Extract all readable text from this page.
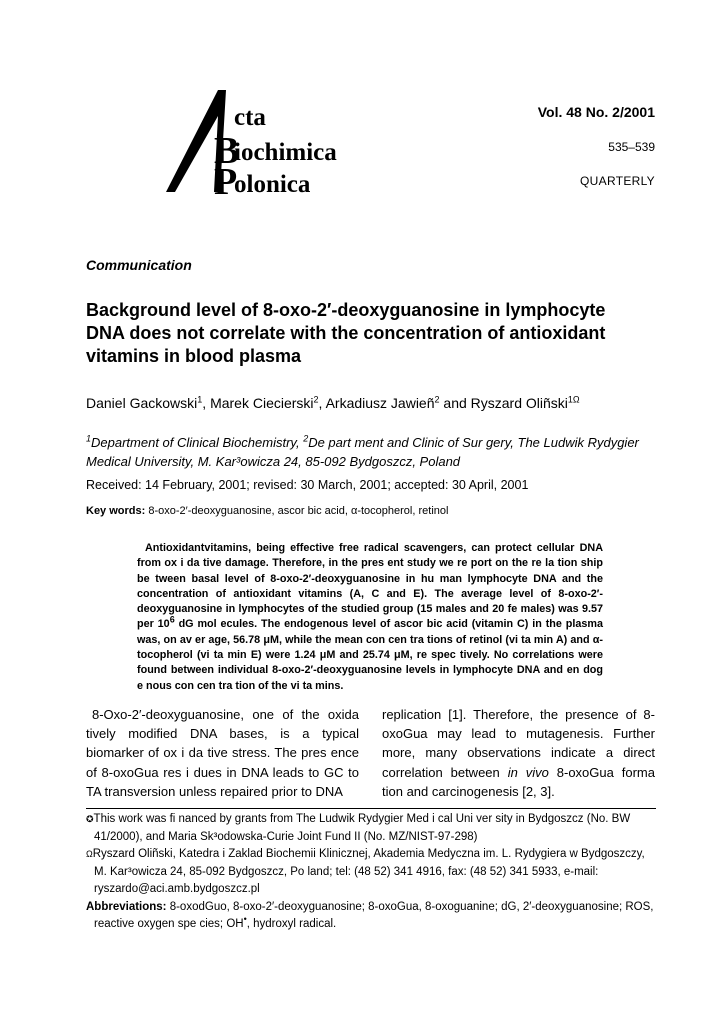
B
P
cta
iochimica
olonica
Vol. 48 No. 2/2001
535–539
QUARTERLY
Communication
Background level of 8-oxo-2′-deoxyguanosine in lymphocyte DNA does not correlate with the concentration of antioxidant vitamins in blood plasma
Daniel Gackowski$^1$, Marek Ciecierski$^2$, Arkadiusz Jawieñ$^2$ and Ryszard Oliñski$^{1\Omega}$
$^1$Department of Clinical Biochemistry, $^2$De part ment and Clinic of Sur gery, The Ludwik Rydygier Medical University, M. Kar³owicza 24, 85-092 Bydgoszcz, Poland
Received: 14 February, 2001; revised: 30 March, 2001; accepted: 30 April, 2001
Key words: 8-oxo-2′-deoxyguanosine, ascor bic acid, α-tocopherol, retinol
Antioxidantvitamins, being effective free radical scavengers, can protect cellular DNA from ox i da tive damage. Therefore, in the pres ent study we re port on the re la tion ship be tween basal level of 8-oxo-2′-deoxyguanosine in hu man lymphocyte DNA and the concentration of antioxidant vitamins (A, C and E). The average level of 8-oxo-2′-deoxyguanosine in lymphocytes of the studied group (15 males and 20 fe males) was 9.57 per $10^6$ dG mol ecules. The endogenous level of ascor bic acid (vitamin C) in the plasma was, on av er age, 56.78 μM, while the mean con cen tra tions of retinol (vi ta min A) and α-tocopherol (vi ta min E) were 1.24 μM and 25.74 μM, re spec tively. No correlations were found between individual 8-oxo-2′-deoxyguanosine levels in lymphocyte DNA and en dog e nous con cen tra tion of the vi ta mins.
8-Oxo-2′-deoxyguanosine, one of the oxida tively modified DNA bases, is a typical biomarker of ox i da tive stress. The pres ence of 8-oxoGua res i dues in DNA leads to GC to TA transversion unless repaired prior to DNA
replication [1]. Therefore, the presence of 8-oxoGua may lead to mutagenesis. Further more, many observations indicate a direct correlation between in vivo 8-oxoGua forma tion and carcinogenesis [2, 3].
✪This work was fi nanced by grants from The Ludwik Rydygier Med i cal Uni ver sity in Bydgoszcz (No. BW 41/2000), and Maria Sk³odowska-Curie Joint Fund II (No. MZ/NIST-97-298)
$^\Omega$Ryszard Oliñski, Katedra i Zaklad Biochemii Klinicznej, Akademia Medyczna im. L. Rydygiera w Bydgoszczy, M. Kar³owicza 24, 85-092 Bydgoszcz, Po land; tel: (48 52) 341 4916, fax: (48 52) 341 5933, e-mail: ryszardo@aci.amb.bydgoszcz.pl
Abbreviations: 8-oxodGuo, 8-oxo-2′-deoxyguanosine; 8-oxoGua, 8-oxoguanine; dG, 2′-deoxyguanosine; ROS, reactive oxygen spe cies; OH•, hydroxyl radical.
